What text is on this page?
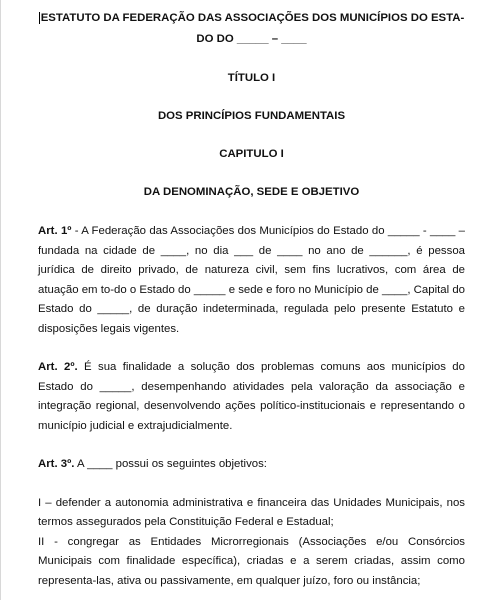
ESTATUTO DA FEDERAÇÃO DAS ASSOCIAÇÕES DOS MUNICÍPIOS DO ESTA-

DO DO _____ – ____

TÍTULO I

DOS PRINCÍPIOS FUNDAMENTAIS

CAPITULO I

DA DENOMINAÇÃO, SEDE E OBJETIVO

Art. 1º - A Federação das Associações dos Municípios do Estado do _____ - ____ – fundada na cidade de ____, no dia ___ de ____ no ano de ______, é pessoa jurídica de direito privado, de natureza civil, sem fins lucrativos, com área de atuação em to-do o Estado do _____ e sede e foro no Município de ____, Capital do Estado do _____, de duração indeterminada, regulada pelo presente Estatuto e disposições legais vigentes.

Art. 2º. É sua finalidade a solução dos problemas comuns aos municípios do Estado do _____, desempenhando atividades pela valoração da associação e integração regional, desenvolvendo ações político-institucionais e representando o município judicial e extrajudicialmente.

Art. 3º. A ____ possui os seguintes objetivos:

I – defender a autonomia administrativa e financeira das Unidades Municipais, nos termos assegurados pela Constituição Federal e Estadual;

II - congregar as Entidades Microrregionais (Associações e/ou Consórcios Municipais com finalidade específica), criadas e a serem criadas, assim como representa-las, ativa ou passivamente, em qualquer juízo, foro ou instância;
